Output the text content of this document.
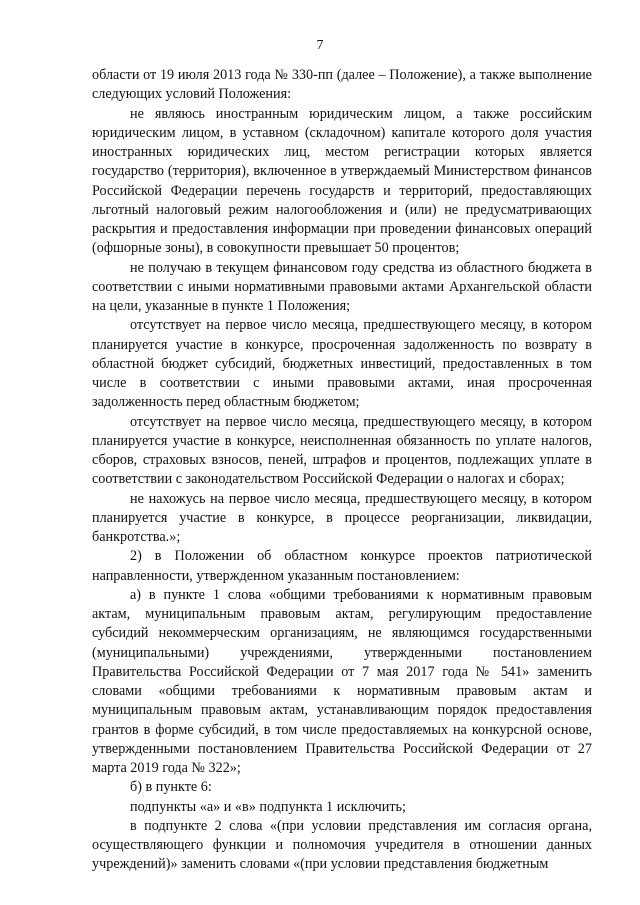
7

области от 19 июля 2013 года № 330-пп (далее – Положение), а также выполнение следующих условий Положения:

не являюсь иностранным юридическим лицом, а также российским юридическим лицом, в уставном (складочном) капитале которого доля участия иностранных юридических лиц, местом регистрации которых является государство (территория), включенное в утверждаемый Министерством финансов Российской Федерации перечень государств и территорий, предоставляющих льготный налоговый режим налогообложения и (или) не предусматривающих раскрытия и предоставления информации при проведении финансовых операций (офшорные зоны), в совокупности превышает 50 процентов;

не получаю в текущем финансовом году средства из областного бюджета в соответствии с иными нормативными правовыми актами Архангельской области на цели, указанные в пункте 1 Положения;

отсутствует на первое число месяца, предшествующего месяцу, в котором планируется участие в конкурсе, просроченная задолженность по возврату в областной бюджет субсидий, бюджетных инвестиций, предоставленных в том числе в соответствии с иными правовыми актами, иная просроченная задолженность перед областным бюджетом;

отсутствует на первое число месяца, предшествующего месяцу, в котором планируется участие в конкурсе, неисполненная обязанность по уплате налогов, сборов, страховых взносов, пеней, штрафов и процентов, подлежащих уплате в соответствии с законодательством Российской Федерации о налогах и сборах;

не нахожусь на первое число месяца, предшествующего месяцу, в котором планируется участие в конкурсе, в процессе реорганизации, ликвидации, банкротства.»;

2) в Положении об областном конкурсе проектов патриотической направленности, утвержденном указанным постановлением:

а) в пункте 1 слова «общими требованиями к нормативным правовым актам, муниципальным правовым актам, регулирующим предоставление субсидий некоммерческим организациям, не являющимся государственными (муниципальными) учреждениями, утвержденными постановлением Правительства Российской Федерации от 7 мая 2017 года № 541» заменить словами «общими требованиями к нормативным правовым актам и муниципальным правовым актам, устанавливающим порядок предоставления грантов в форме субсидий, в том числе предоставляемых на конкурсной основе, утвержденными постановлением Правительства Российской Федерации от 27 марта 2019 года № 322»;

б) в пункте 6:

подпункты «а» и «в» подпункта 1 исключить;

в подпункте 2 слова «(при условии представления им согласия органа, осуществляющего функции и полномочия учредителя в отношении данных учреждений)» заменить словами «(при условии представления бюджетным
